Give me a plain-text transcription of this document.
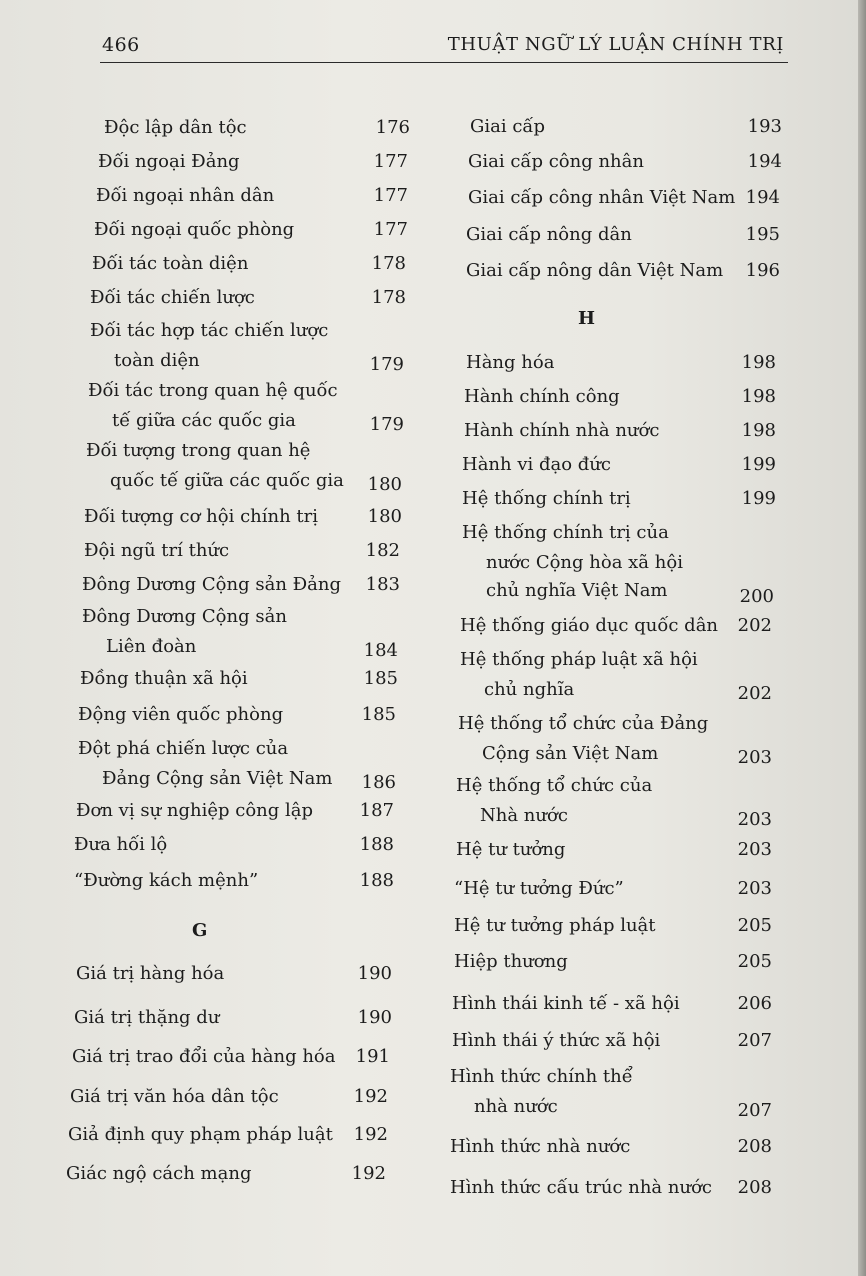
466	THUẬT NGỮ LÝ LUẬN CHÍNH TRỊ
Độc lập dân tộc	176
Đối ngoại Đảng	177
Đối ngoại nhân dân	177
Đối ngoại quốc phòng	177
Đối tác toàn diện	178
Đối tác chiến lược	178
Đối tác hợp tác chiến lược
toàn diện	179
Đối tác trong quan hệ quốc
tế giữa các quốc gia	179
Đối tượng trong quan hệ
quốc tế giữa các quốc gia	180
Đối tượng cơ hội chính trị	180
Đội ngũ trí thức	182
Đông Dương Cộng sản Đảng	183
Đông Dương Cộng sản
Liên đoàn	184
Đồng thuận xã hội	185
Động viên quốc phòng	185
Đột phá chiến lược của
Đảng Cộng sản Việt Nam	186
Đơn vị sự nghiệp công lập	187
Đưa hối lộ	188
“Đường kách mệnh”	188
G
Giá trị hàng hóa	190
Giá trị thặng dư	190
Giá trị trao đổi của hàng hóa	191
Giá trị văn hóa dân tộc	192
Giả định quy phạm pháp luật	192
Giác ngộ cách mạng	192
Giai cấp	193
Giai cấp công nhân	194
Giai cấp công nhân Việt Nam 194
Giai cấp nông dân	195
Giai cấp nông dân Việt Nam	196
H
Hàng hóa	198
Hành chính công	198
Hành chính nhà nước	198
Hành vi đạo đức	199
Hệ thống chính trị	199
Hệ thống chính trị của
nước Cộng hòa xã hội
chủ nghĩa Việt Nam	200
Hệ thống giáo dục quốc dân	202
Hệ thống pháp luật xã hội
chủ nghĩa	202
Hệ thống tổ chức của Đảng
Cộng sản Việt Nam	203
Hệ thống tổ chức của
Nhà nước	203
Hệ tư tưởng	203
“Hệ tư tưởng Đức”	203
Hệ tư tưởng pháp luật	205
Hiệp thương	205
Hình thái kinh tế - xã hội	206
Hình thái ý thức xã hội	207
Hình thức chính thể
nhà nước	207
Hình thức nhà nước	208
Hình thức cấu trúc nhà nước	208
